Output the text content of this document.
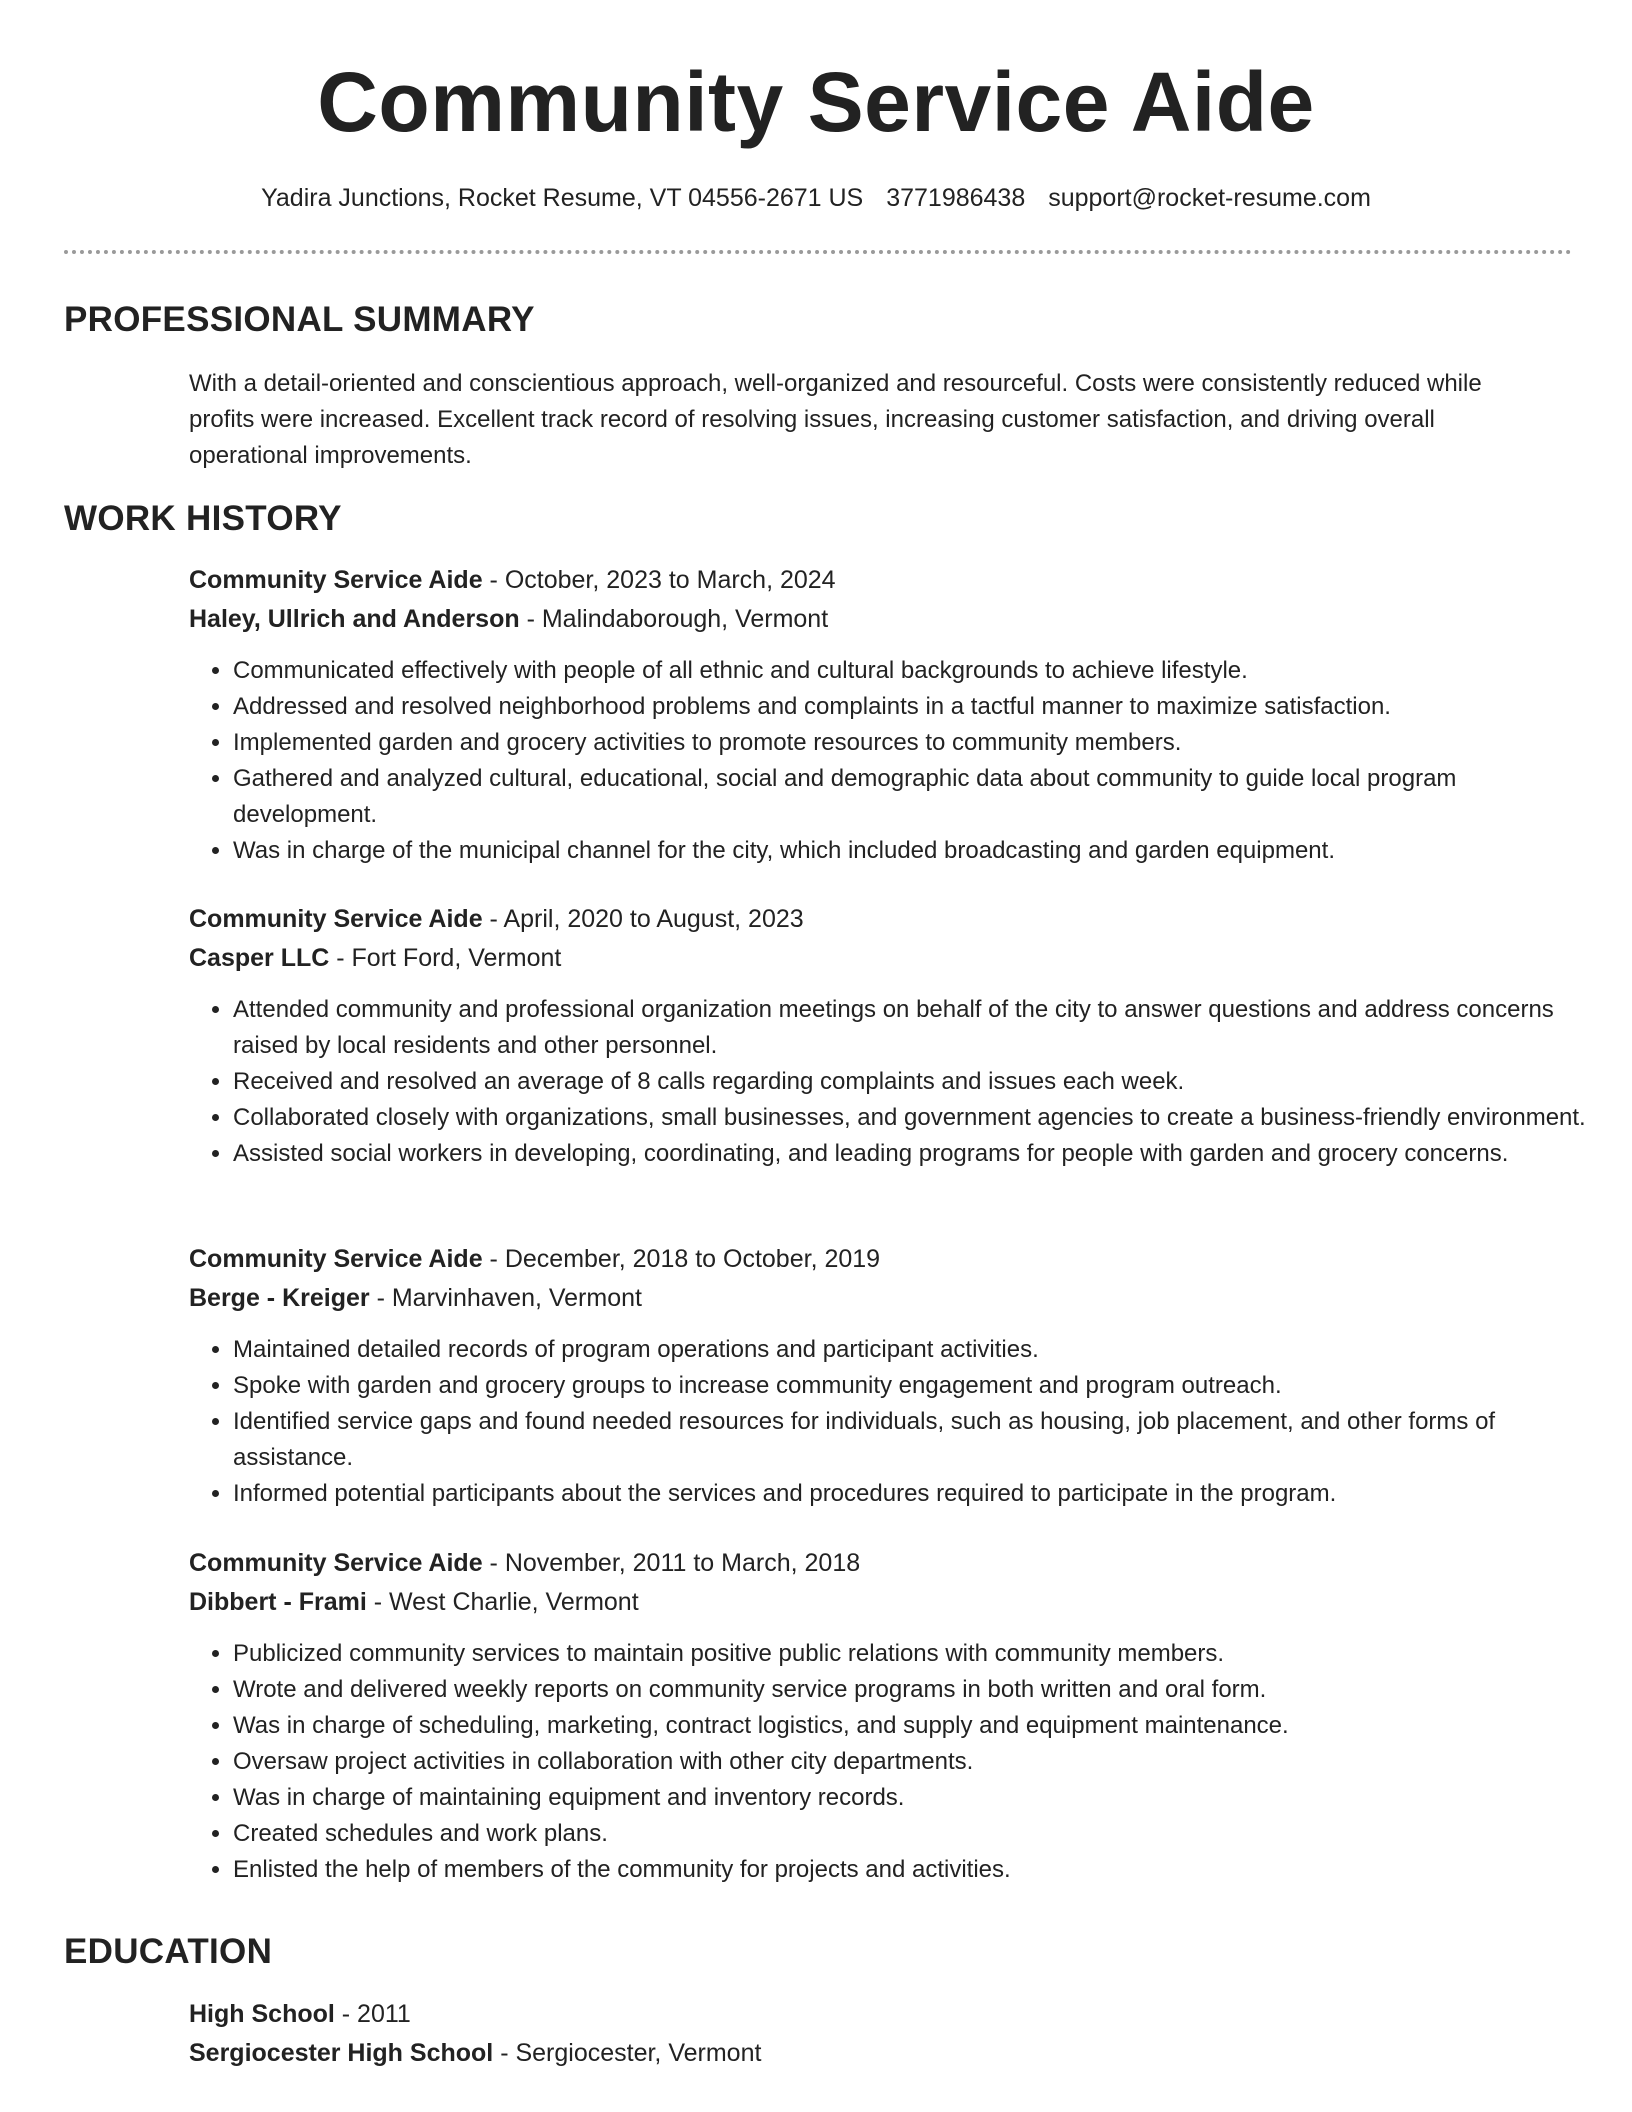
Community Service Aide
Yadira Junctions, Rocket Resume, VT 04556-2671 US 3771986438 support@rocket-resume.com
PROFESSIONAL SUMMARY
With a detail-oriented and conscientious approach, well-organized and resourceful. Costs were consistently reduced while profits were increased. Excellent track record of resolving issues, increasing customer satisfaction, and driving overall operational improvements.
WORK HISTORY
Community Service Aide - October, 2023 to March, 2024
Haley, Ullrich and Anderson - Malindaborough, Vermont
• Communicated effectively with people of all ethnic and cultural backgrounds to achieve lifestyle.
• Addressed and resolved neighborhood problems and complaints in a tactful manner to maximize satisfaction.
• Implemented garden and grocery activities to promote resources to community members.
• Gathered and analyzed cultural, educational, social and demographic data about community to guide local program development.
• Was in charge of the municipal channel for the city, which included broadcasting and garden equipment.
Community Service Aide - April, 2020 to August, 2023
Casper LLC - Fort Ford, Vermont
• Attended community and professional organization meetings on behalf of the city to answer questions and address concerns raised by local residents and other personnel.
• Received and resolved an average of 8 calls regarding complaints and issues each week.
• Collaborated closely with organizations, small businesses, and government agencies to create a business-friendly environment.
• Assisted social workers in developing, coordinating, and leading programs for people with garden and grocery concerns.
Community Service Aide - December, 2018 to October, 2019
Berge - Kreiger - Marvinhaven, Vermont
• Maintained detailed records of program operations and participant activities.
• Spoke with garden and grocery groups to increase community engagement and program outreach.
• Identified service gaps and found needed resources for individuals, such as housing, job placement, and other forms of assistance.
• Informed potential participants about the services and procedures required to participate in the program.
Community Service Aide - November, 2011 to March, 2018
Dibbert - Frami - West Charlie, Vermont
• Publicized community services to maintain positive public relations with community members.
• Wrote and delivered weekly reports on community service programs in both written and oral form.
• Was in charge of scheduling, marketing, contract logistics, and supply and equipment maintenance.
• Oversaw project activities in collaboration with other city departments.
• Was in charge of maintaining equipment and inventory records.
• Created schedules and work plans.
• Enlisted the help of members of the community for projects and activities.
EDUCATION
High School - 2011
Sergiocester High School - Sergiocester, Vermont
